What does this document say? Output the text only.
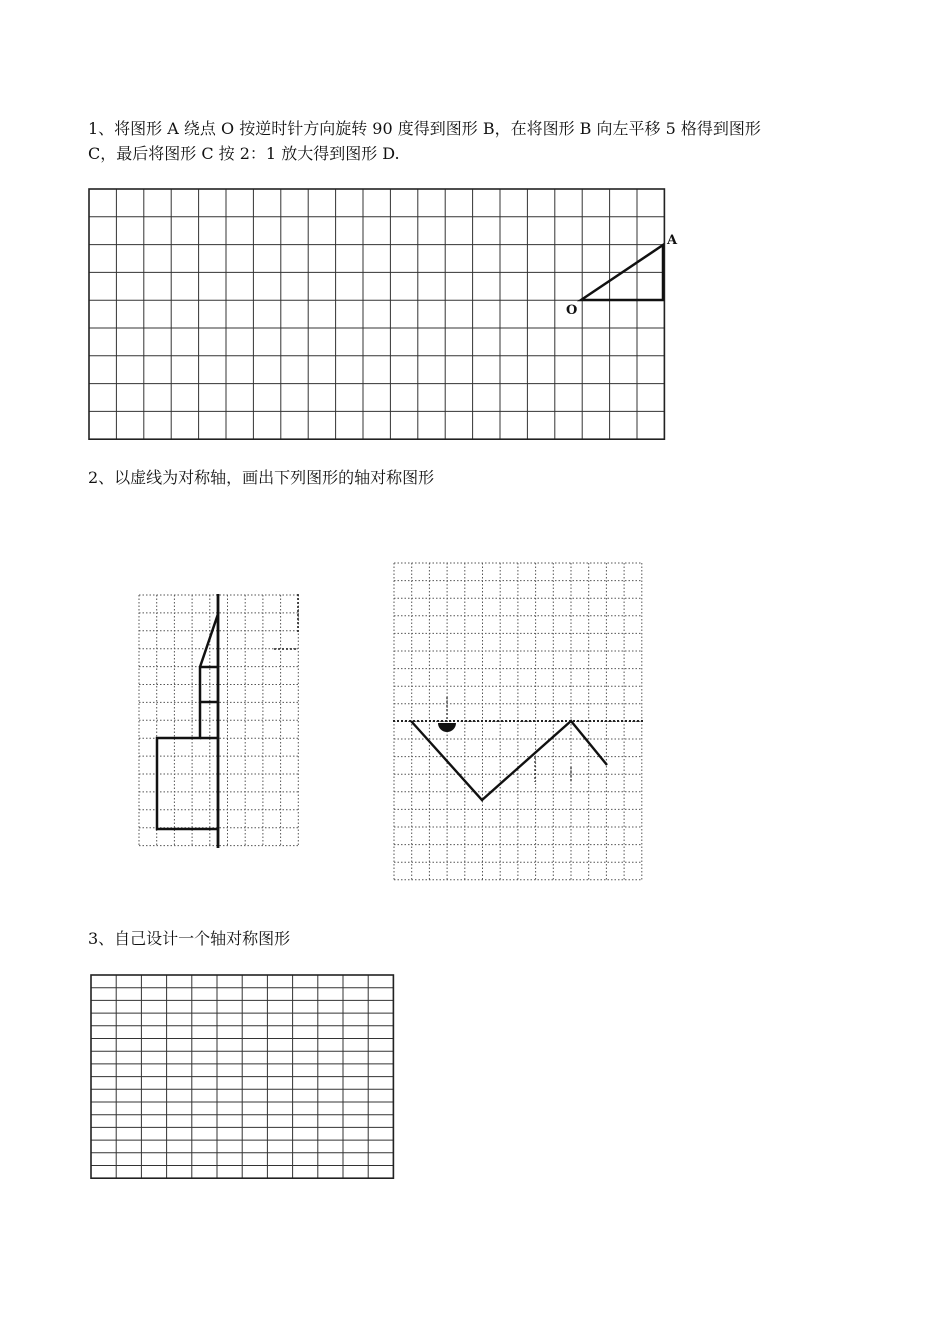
1、将图形 A 绕点 O 按逆时针方向旋转 90 度得到图形 B，在将图形 B 向左平移 5 格得到图形
C，最后将图形 C 按 2：1 放大得到图形 D.
A
O
2、以虚线为对称轴，画出下列图形的轴对称图形
3、自己设计一个轴对称图形
